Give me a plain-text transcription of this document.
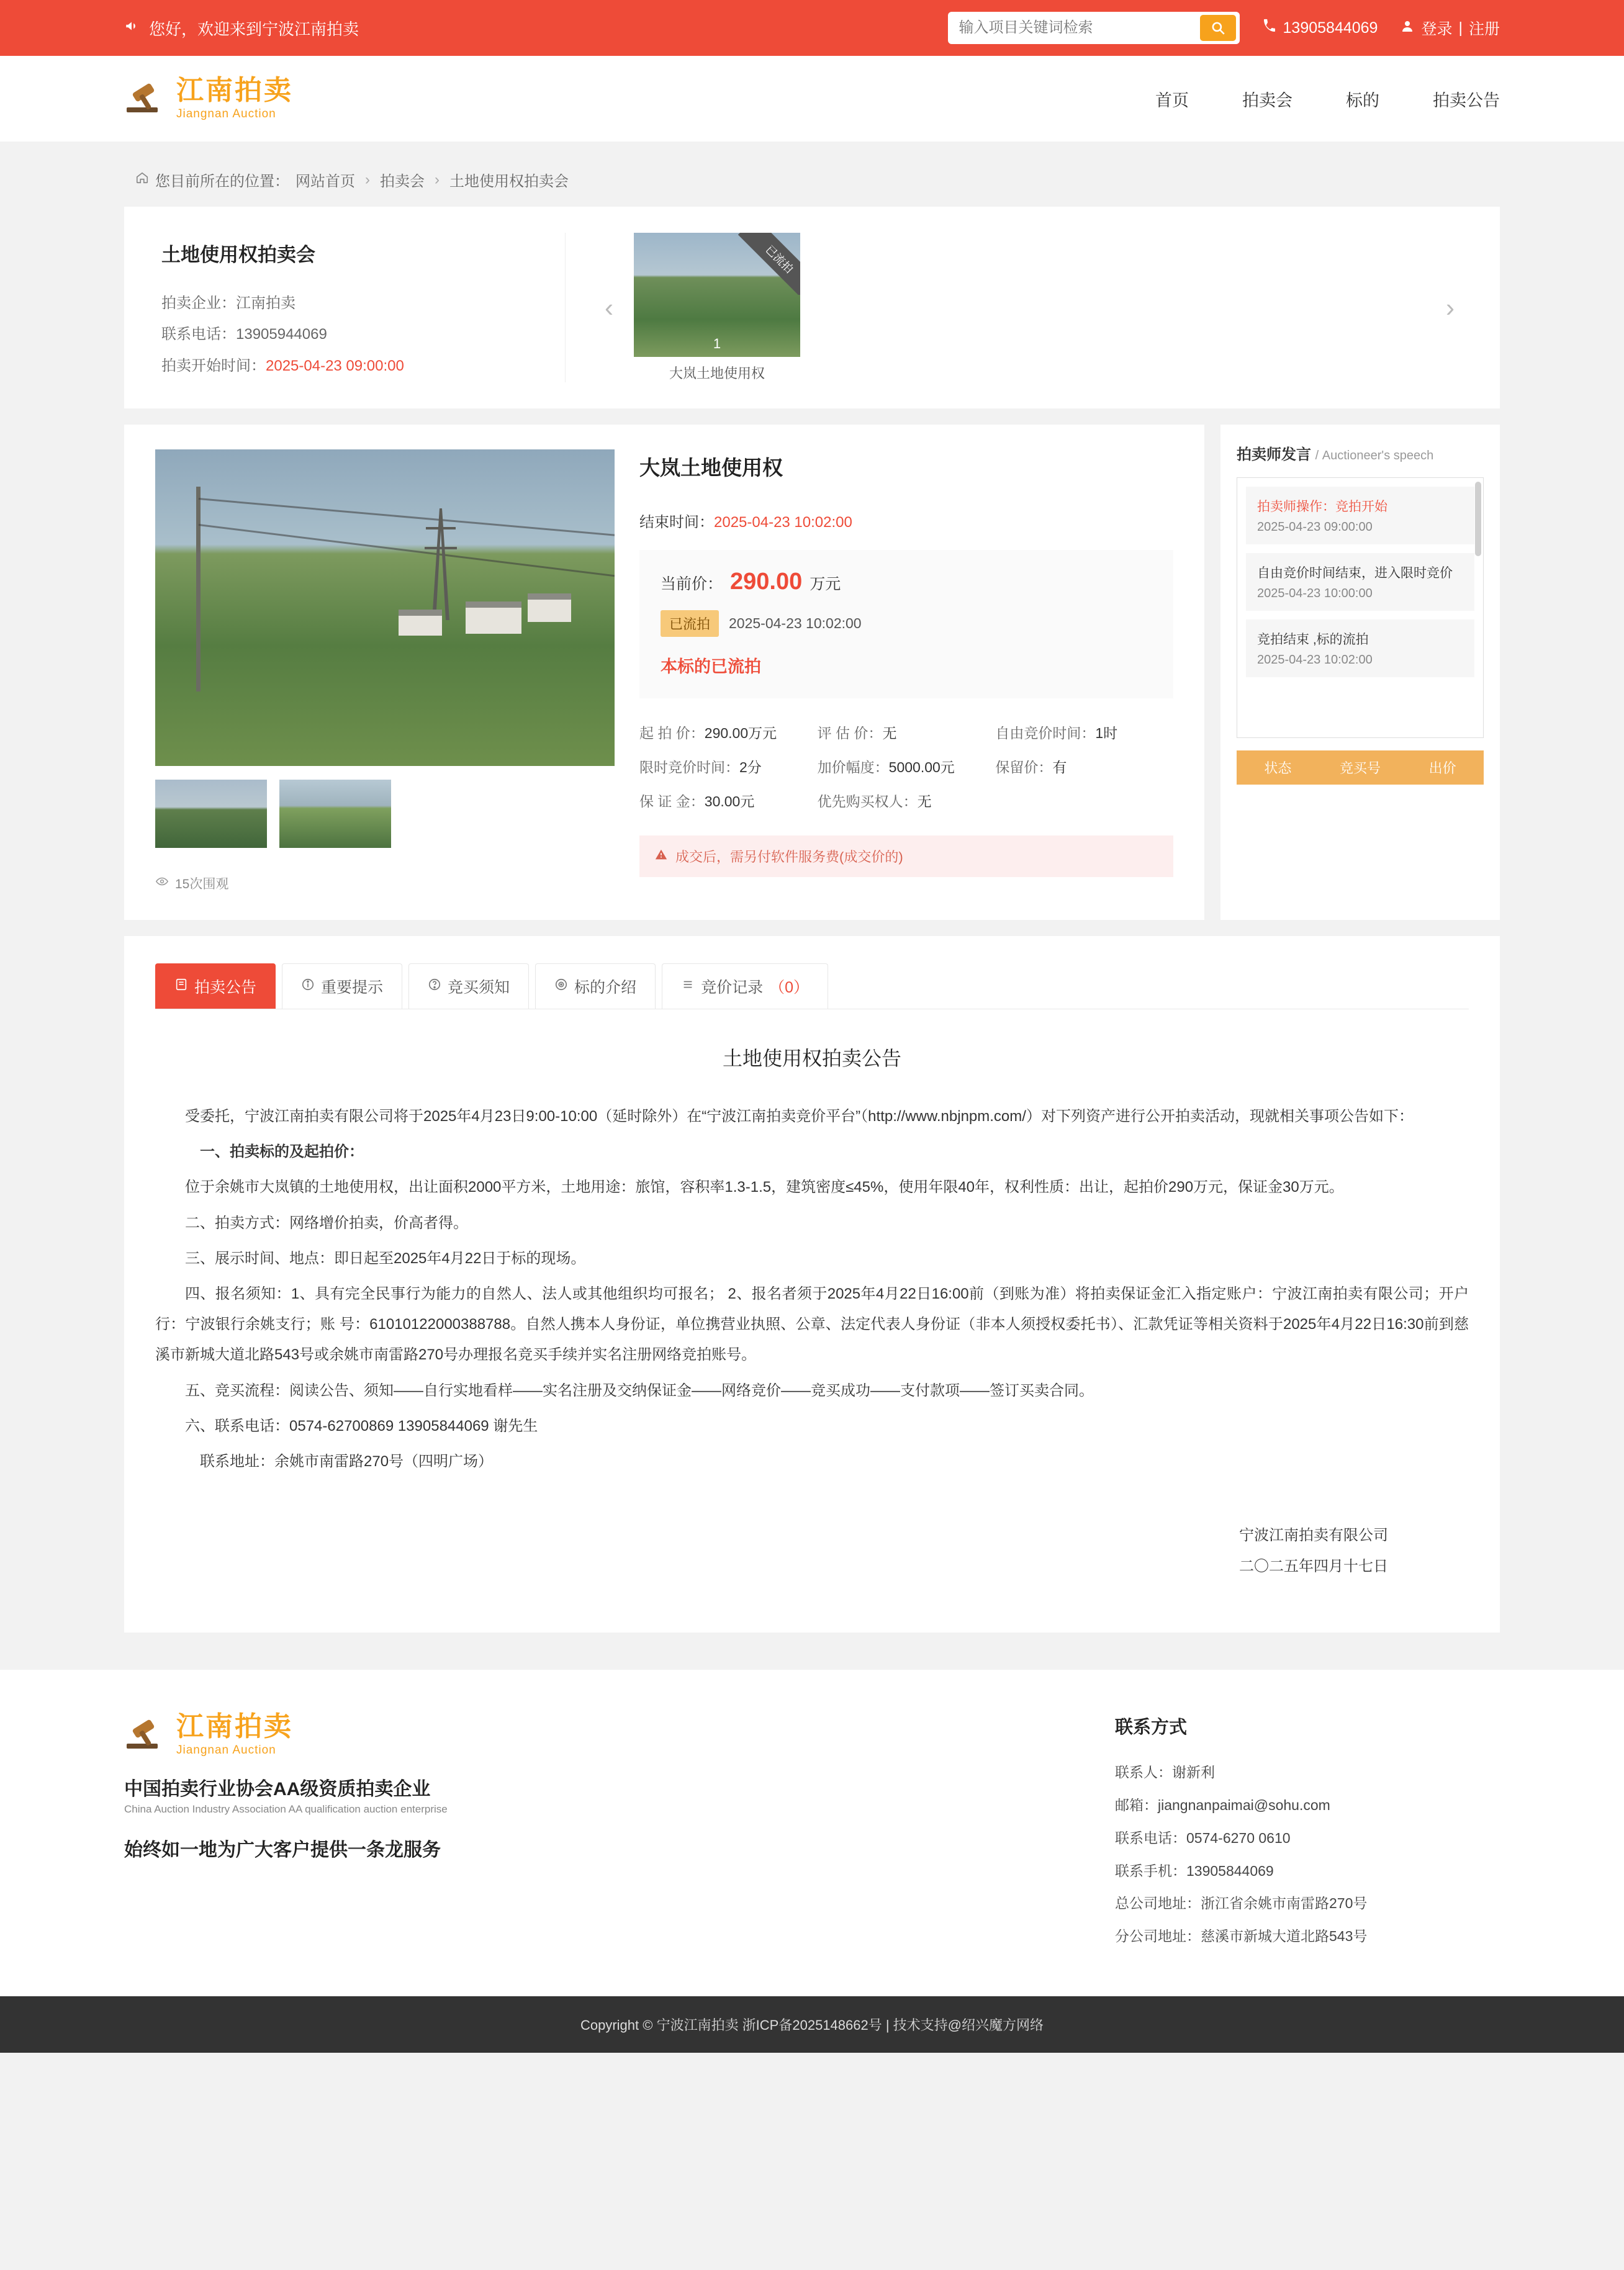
您好，欢迎来到宁波江南拍卖
输入项目关键词检索	13905844069	登录 | 注册
江南拍卖
Jiangnan Auction
首页	拍卖会	标的	拍卖公告
您目前所在的位置： 网站首页 › 拍卖会 › 土地使用权拍卖会
土地使用权拍卖会
拍卖企业：江南拍卖
联系电话：13905944069
拍卖开始时间：2025-04-23 09:00:00
‹
已流拍
1
大岚土地使用权
›
15次围观
大岚土地使用权
结束时间：2025-04-23 10:02:00
当前价： 290.00 万元
已流拍	2025-04-23 10:02:00
本标的已流拍
起 拍 价：290.00万元	评 估 价：无	自由竞价时间：1时
限时竞价时间：2分	加价幅度：5000.00元	保留价：有
保 证 金：30.00元	优先购买权人：无
成交后，需另付软件服务费(成交价的)
拍卖师发言 / Auctioneer's speech
拍卖师操作：竞拍开始
2025-04-23 09:00:00
自由竞价时间结束，进入限时竞价
2025-04-23 10:00:00
竞拍结束 ,标的流拍
2025-04-23 10:02:00
状态	竞买号	出价
拍卖公告	重要提示	竞买须知	标的介绍	竞价记录 （0）
土地使用权拍卖公告

受委托，宁波江南拍卖有限公司将于2025年4月23日9:00-10:00（延时除外）在“宁波江南拍卖竞价平台”（http://www.nbjnpm.com/）对下列资产进行公开拍卖活动，现就相关事项公告如下：

一、拍卖标的及起拍价：

位于余姚市大岚镇的土地使用权，出让面积2000平方米，土地用途：旅馆，容积率1.3-1.5，建筑密度≤45%，使用年限40年，权利性质：出让，起拍价290万元，保证金30万元。

二、拍卖方式：网络增价拍卖，价高者得。

三、展示时间、地点：即日起至2025年4月22日于标的现场。

四、报名须知：1、具有完全民事行为能力的自然人、法人或其他组织均可报名； 2、报名者须于2025年4月22日16:00前（到账为准）将拍卖保证金汇入指定账户：宁波江南拍卖有限公司；开户行：宁波银行余姚支行；账 号：61010122000388788。自然人携本人身份证，单位携营业执照、公章、法定代表人身份证（非本人须授权委托书）、汇款凭证等相关资料于2025年4月22日16:30前到慈溪市新城大道北路543号或余姚市南雷路270号办理报名竞买手续并实名注册网络竞拍账号。

五、竞买流程：阅读公告、须知——自行实地看样——实名注册及交纳保证金——网络竞价——竞买成功——支付款项——签订买卖合同。

六、联系电话：0574-62700869 13905844069 谢先生

联系地址：余姚市南雷路270号（四明广场）

宁波江南拍卖有限公司
二〇二五年四月十七日
江南拍卖
Jiangnan Auction
中国拍卖行业协会AA级资质拍卖企业
China Auction Industry Association AA qualification auction enterprise
始终如一地为广大客户提供一条龙服务
联系方式
联系人：谢新利
邮箱：jiangnanpaimai@sohu.com
联系电话：0574-6270 0610
联系手机：13905844069
总公司地址：浙江省余姚市南雷路270号
分公司地址：慈溪市新城大道北路543号
Copyright © 宁波江南拍卖 浙ICP备2025148662号 | 技术支持@绍兴魔方网络
